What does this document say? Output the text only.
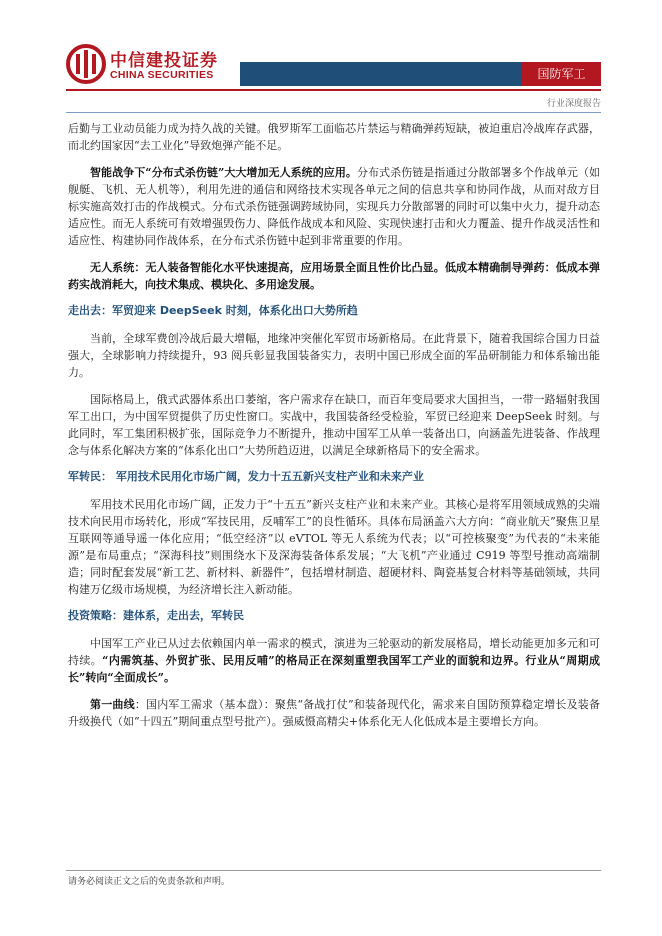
中信建投证券
CHINA SECURITIES	国防军工
行业深度报告

后勤与工业动员能力成为持久战的关键。俄罗斯军工面临芯片禁运与精确弹药短缺，被迫重启冷战库存武器，而北约国家因“去工业化”导致炮弹产能不足。

智能战争下“分布式杀伤链”大大增加无人系统的应用。分布式杀伤链是指通过分散部署多个作战单元（如舰艇、飞机、无人机等），利用先进的通信和网络技术实现各单元之间的信息共享和协同作战，从而对敌方目标实施高效打击的作战模式。分布式杀伤链强调跨域协同，实现兵力分散部署的同时可以集中火力，提升动态适应性。而无人系统可有效增强毁伤力、降低作战成本和风险、实现快速打击和火力覆盖、提升作战灵活性和适应性、构建协同作战体系，在分布式杀伤链中起到非常重要的作用。

无人系统：无人装备智能化水平快速提高，应用场景全面且性价比凸显。低成本精确制导弹药：低成本弹药实战消耗大，向技术集成、模块化、多用途发展。

走出去：军贸迎来 DeepSeek 时刻，体系化出口大势所趋

当前，全球军费创冷战后最大增幅，地缘冲突催化军贸市场新格局。在此背景下，随着我国综合国力日益强大，全球影响力持续提升，93 阅兵彰显我国装备实力，表明中国已形成全面的军品研制能力和体系输出能力。

国际格局上，俄式武器体系出口萎缩，客户需求存在缺口，而百年变局要求大国担当，一带一路辐射我国军工出口，为中国军贸提供了历史性窗口。实战中，我国装备经受检验，军贸已经迎来 DeepSeek 时刻。与此同时，军工集团积极扩张，国际竞争力不断提升，推动中国军工从单一装备出口，向涵盖先进装备、作战理念与体系化解决方案的“体系化出口”大势所趋迈进，以满足全球新格局下的安全需求。

军转民： 军用技术民用化市场广阔，发力十五五新兴支柱产业和未来产业

军用技术民用化市场广阔，正发力于“十五五”新兴支柱产业和未来产业。其核心是将军用领域成熟的尖端技术向民用市场转化，形成“军技民用，反哺军工”的良性循环。具体布局涵盖六大方向：“商业航天”聚焦卫星互联网等通导遥一体化应用；“低空经济”以 eVTOL 等无人系统为代表；以“可控核聚变”为代表的“未来能源”是布局重点；“深海科技”则围绕水下及深海装备体系发展；“大飞机”产业通过 C919 等型号推动高端制造；同时配套发展“新工艺、新材料、新器件”，包括增材制造、超硬材料、陶瓷基复合材料等基础领域，共同构建万亿级市场规模，为经济增长注入新动能。

投资策略：建体系，走出去，军转民

中国军工产业已从过去依赖国内单一需求的模式，演进为三轮驱动的新发展格局，增长动能更加多元和可持续。“内需筑基、外贸扩张、民用反哺”的格局正在深刻重塑我国军工产业的面貌和边界。行业从“周期成长”转向“全面成长”。

第一曲线：国内军工需求（基本盘）：聚焦“备战打仗”和装备现代化，需求来自国防预算稳定增长及装备升级换代（如“十四五”期间重点型号批产）。强威慑高精尖+体系化无人化低成本是主要增长方向。

请务必阅读正文之后的免责条款和声明。
